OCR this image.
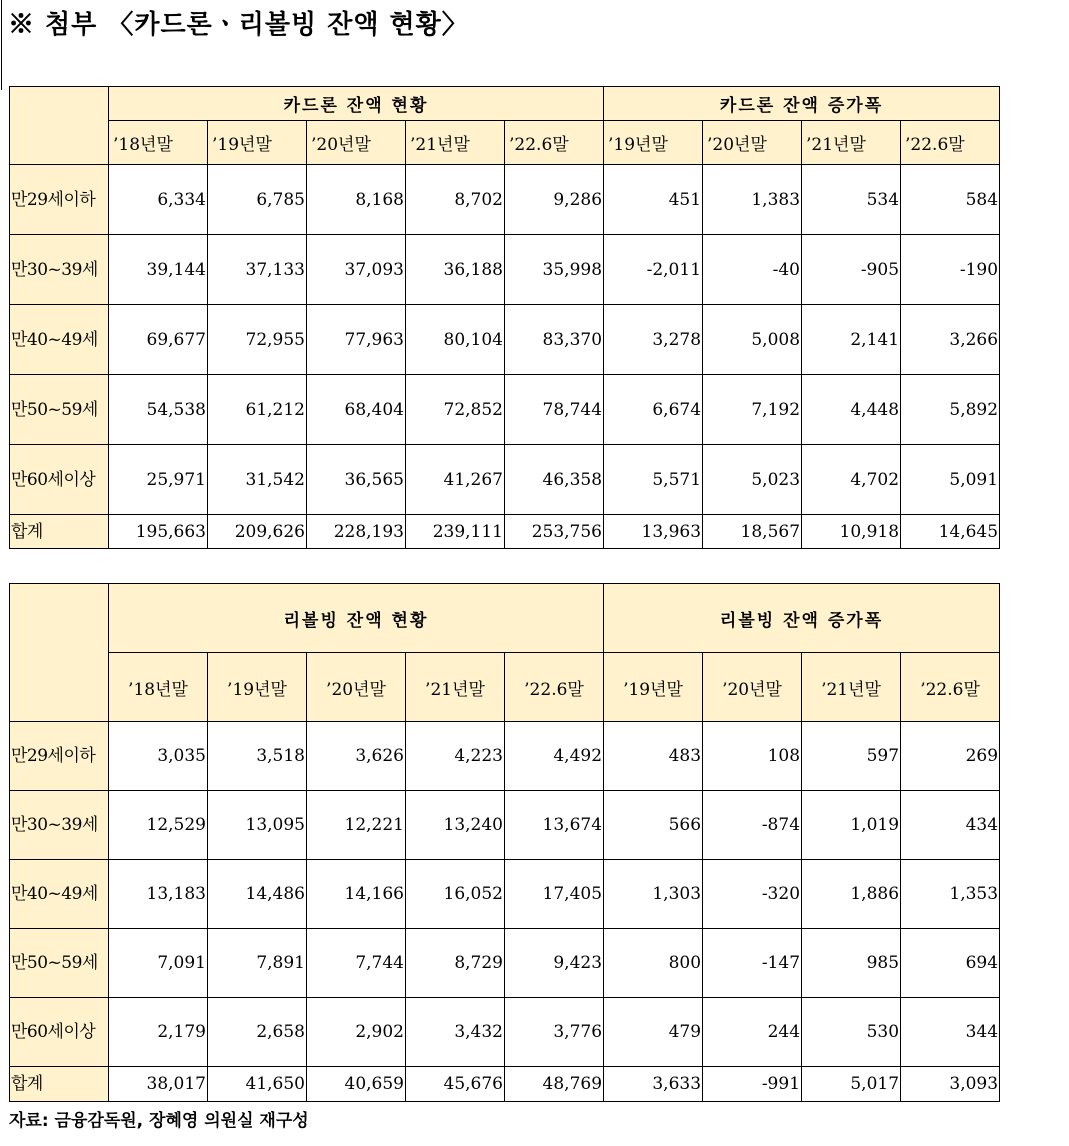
※ 첨부 〈카드론ㆍ리볼빙 잔액 현황〉
	카드론 잔액 현황					카드론 잔액 증가폭			
	’18년말	’19년말	’20년말	’21년말	’22.6말	’19년말	’20년말	’21년말	’22.6말
만29세이하	6,334	6,785	8,168	8,702	9,286	451	1,383	534	584
만30~39세	39,144	37,133	37,093	36,188	35,998	-2,011	-40	-905	-190
만40~49세	69,677	72,955	77,963	80,104	83,370	3,278	5,008	2,141	3,266
만50~59세	54,538	61,212	68,404	72,852	78,744	6,674	7,192	4,448	5,892
만60세이상	25,971	31,542	36,565	41,267	46,358	5,571	5,023	4,702	5,091
합계	195,663	209,626	228,193	239,111	253,756	13,963	18,567	10,918	14,645
	리볼빙 잔액 현황					리볼빙 잔액 증가폭			
	’18년말	’19년말	’20년말	’21년말	’22.6말	’19년말	’20년말	’21년말	’22.6말
만29세이하	3,035	3,518	3,626	4,223	4,492	483	108	597	269
만30~39세	12,529	13,095	12,221	13,240	13,674	566	-874	1,019	434
만40~49세	13,183	14,486	14,166	16,052	17,405	1,303	-320	1,886	1,353
만50~59세	7,091	7,891	7,744	8,729	9,423	800	-147	985	694
만60세이상	2,179	2,658	2,902	3,432	3,776	479	244	530	344
합계	38,017	41,650	40,659	45,676	48,769	3,633	-991	5,017	3,093
자료: 금융감독원, 장혜영 의원실 재구성
